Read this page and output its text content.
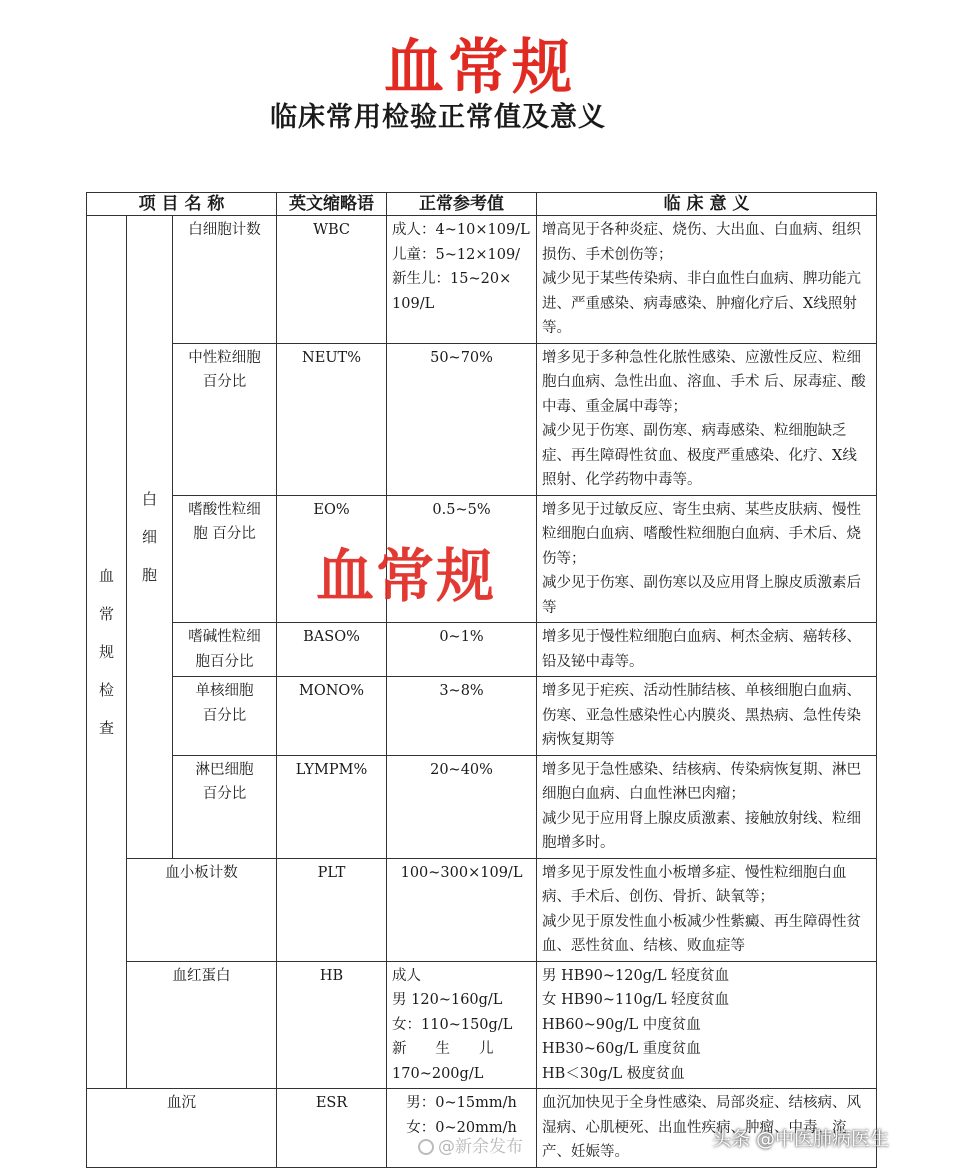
血常规
临床常用检验正常值及意义
项 目 名 称			英文缩略语	正常参考值	临 床 意 义

血常规检查	白细胞	白细胞计数	WBC	成人：4~10×109/L
儿童：5~12×109/
新生儿：15~20×
109/L	增高见于各种炎症、烧伤、大出血、白血病、组织损伤、手术创伤等；
减少见于某些传染病、非白血性白血病、脾功能亢进、严重感染、病毒感染、肿瘤化疗后、X线照射等。
		中性粒细胞
百分比	NEUT%	50~70%	增多见于多种急性化脓性感染、应激性反应、粒细胞白血病、急性出血、溶血、手术 后、尿毒症、酸中毒、重金属中毒等；
减少见于伤寒、副伤寒、病毒感染、粒细胞缺乏症、再生障碍性贫血、极度严重感染、化疗、X线照射、化学药物中毒等。
		嗜酸性粒细
胞 百分比	EO%	0.5~5%	增多见于过敏反应、寄生虫病、某些皮肤病、慢性粒细胞白血病、嗜酸性粒细胞白血病、手术后、烧伤等；
减少见于伤寒、副伤寒以及应用肾上腺皮质激素后等
		嗜碱性粒细
胞百分比	BASO%	0~1%	增多见于慢性粒细胞白血病、柯杰金病、癌转移、铅及铋中毒等。
		单核细胞
百分比	MONO%	3~8%	增多见于疟疾、活动性肺结核、单核细胞白血病、伤寒、亚急性感染性心内膜炎、黑热病、急性传染病恢复期等
		淋巴细胞
百分比	LYMPM%	20~40%	增多见于急性感染、结核病、传染病恢复期、淋巴细胞白血病、白血性淋巴肉瘤；
减少见于应用肾上腺皮质激素、接触放射线、粒细胞增多时。
	血小板计数		PLT	100~300×109/L	增多见于原发性血小板增多症、慢性粒细胞白血病、手术后、创伤、骨折、缺氧等；
减少见于原发性血小板减少性紫癜、再生障碍性贫血、恶性贫血、结核、败血症等
	血红蛋白		HB	成人
男 120~160g/L
女：110~150g/L
新　　生　　儿
170~200g/L	男 HB90~120g/L 轻度贫血
女 HB90~110g/L 轻度贫血
HB60~90g/L 中度贫血
HB30~60g/L 重度贫血
HB＜30g/L 极度贫血
血沉			ESR	男：0~15mm/h
女：0~20mm/h	血沉加快见于全身性感染、局部炎症、结核病、风湿病、心肌梗死、出血性疾病、肿瘤、中毒、流产、妊娠等。
血常规
@新余发布	头条 @中医肺病医生
